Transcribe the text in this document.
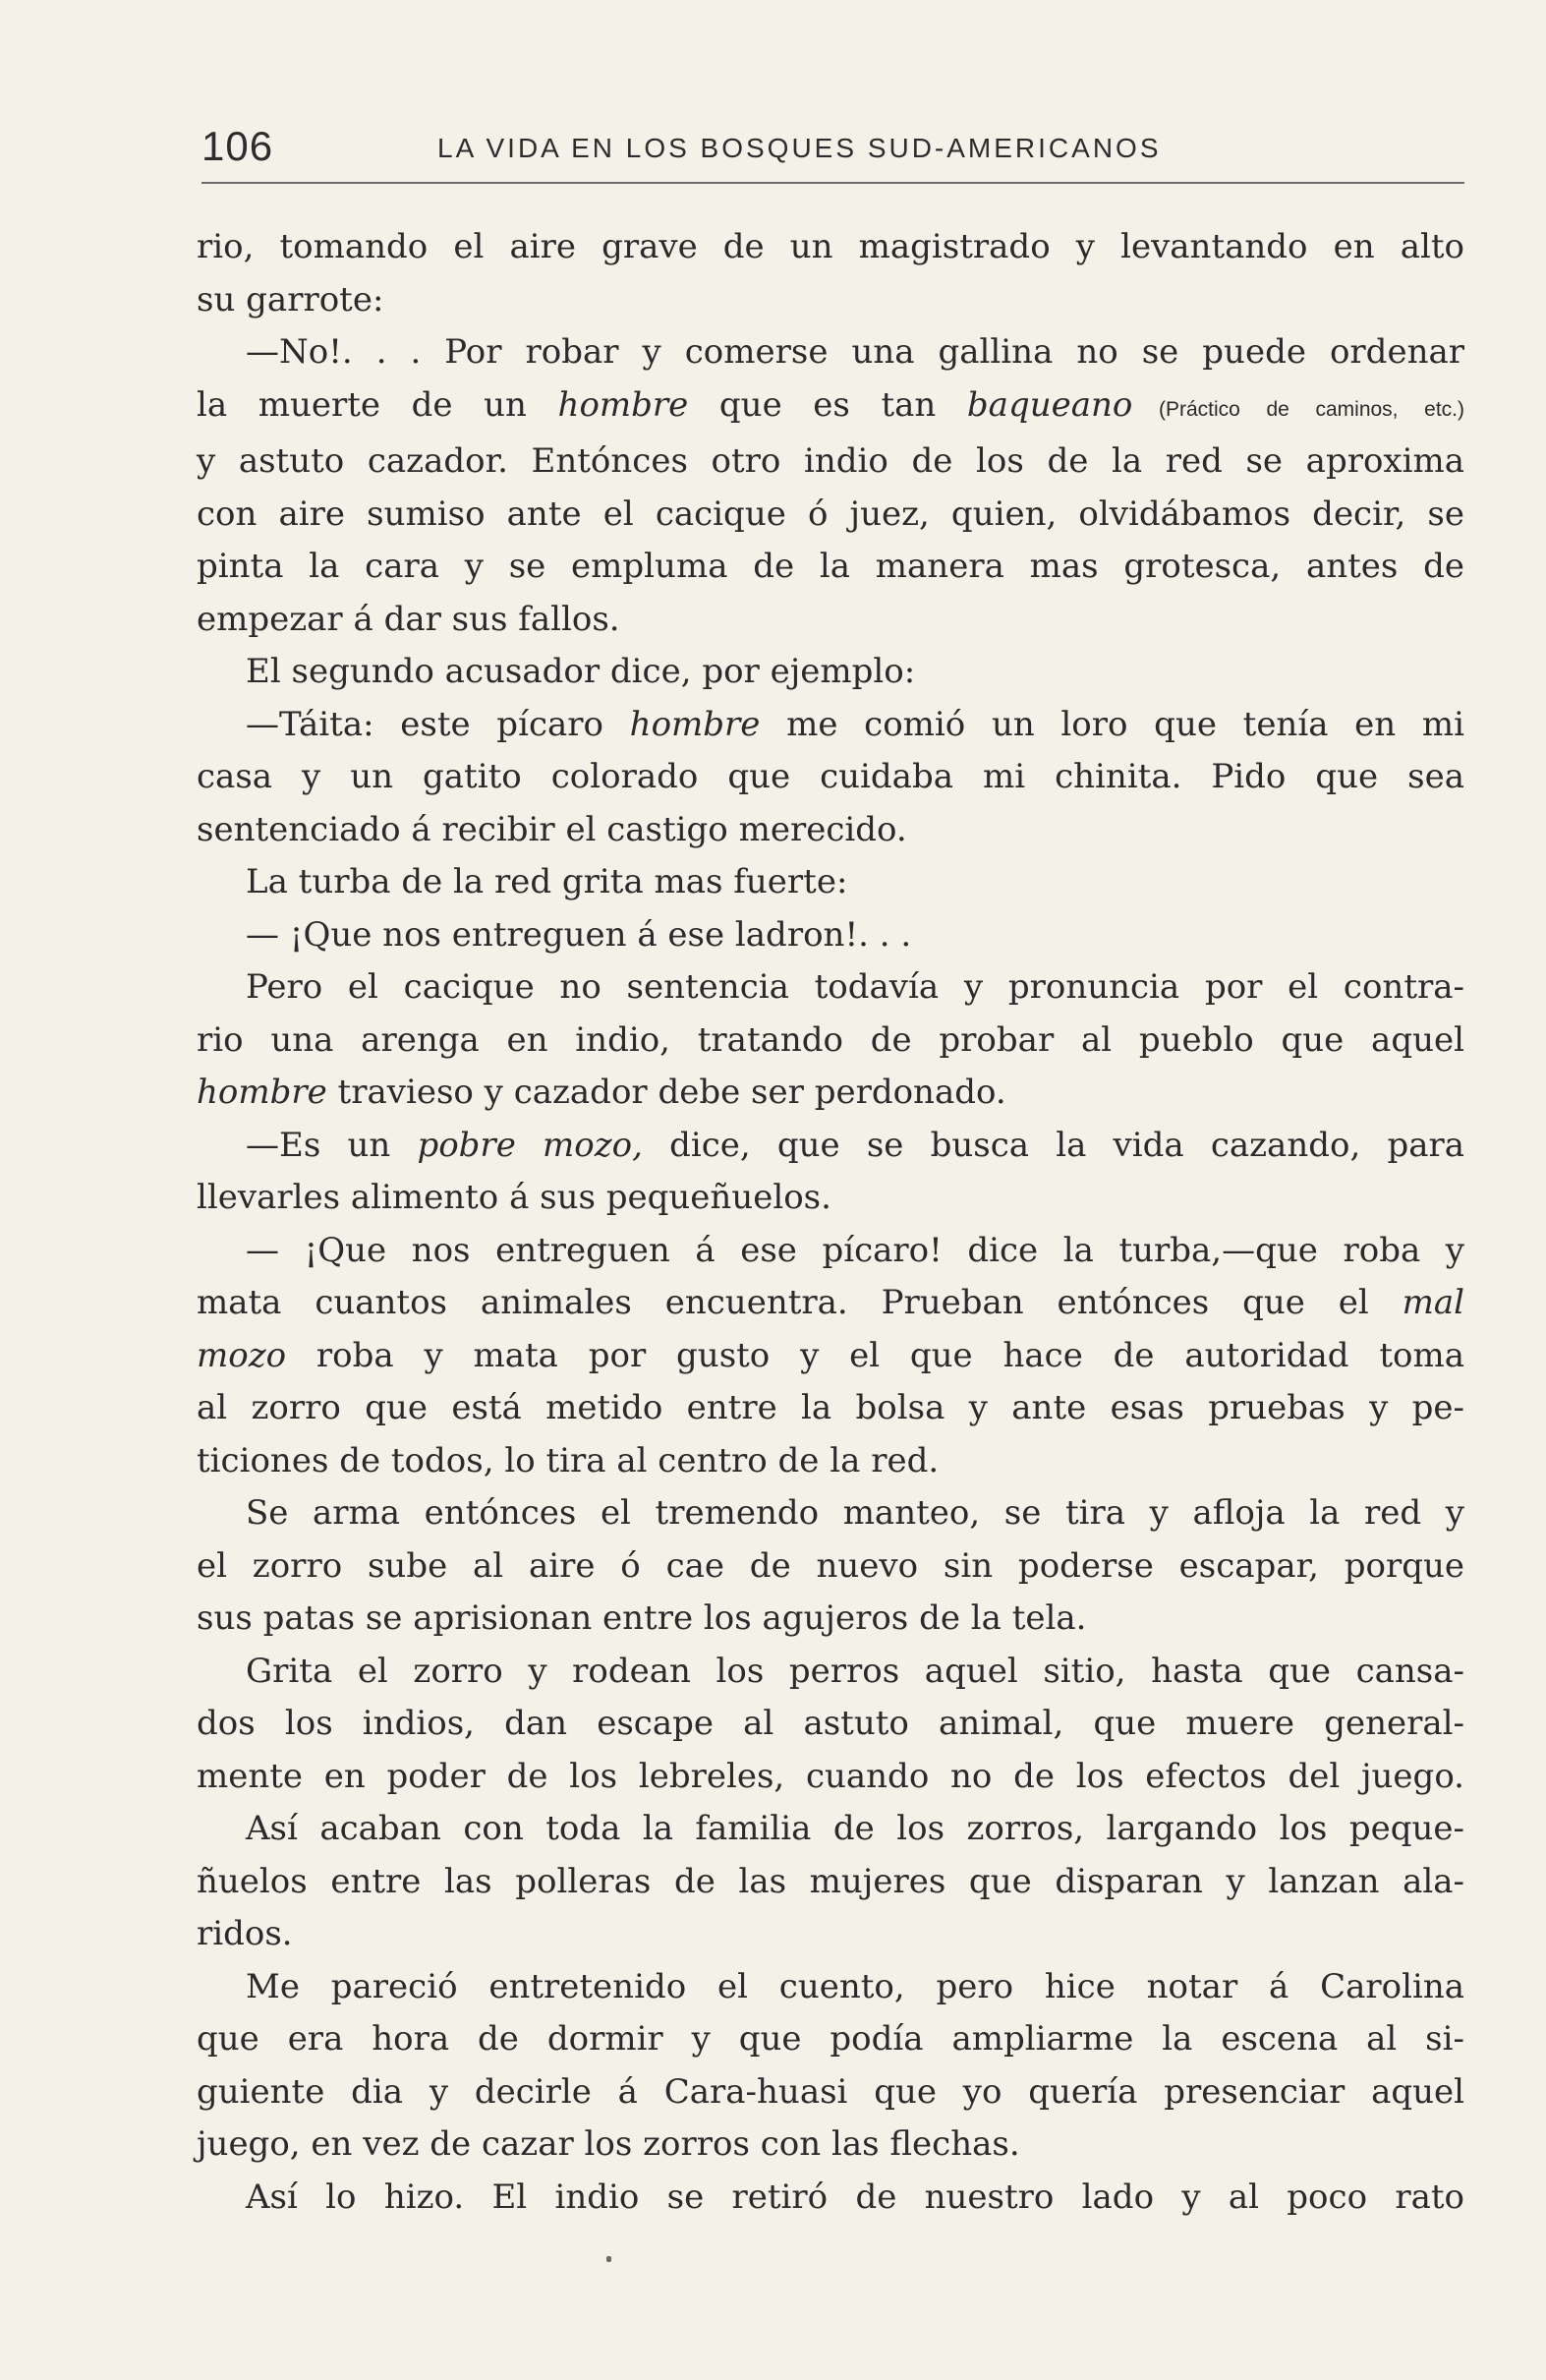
106	LA VIDA EN LOS BOSQUES SUD-AMERICANOS
rio, tomando el aire grave de un magistrado y levantando en alto
su garrote:
—No!. . . Por robar y comerse una gallina no se puede ordenar
la muerte de un hombre que es tan baqueano (Práctico de caminos, etc.)
y astuto cazador. Entónces otro indio de los de la red se aproxima
con aire sumiso ante el cacique ó juez, quien, olvidábamos decir, se
pinta la cara y se empluma de la manera mas grotesca, antes de
empezar á dar sus fallos.
El segundo acusador dice, por ejemplo:
—Táita: este pícaro hombre me comió un loro que tenía en mi
casa y un gatito colorado que cuidaba mi chinita. Pido que sea
sentenciado á recibir el castigo merecido.
La turba de la red grita mas fuerte:
— ¡Que nos entreguen á ese ladron!. . .
Pero el cacique no sentencia todavía y pronuncia por el contra-
rio una arenga en indio, tratando de probar al pueblo que aquel
hombre travieso y cazador debe ser perdonado.
—Es un pobre mozo, dice, que se busca la vida cazando, para
llevarles alimento á sus pequeñuelos.
— ¡Que nos entreguen á ese pícaro! dice la turba,—que roba y
mata cuantos animales encuentra. Prueban entónces que el mal
mozo roba y mata por gusto y el que hace de autoridad toma
al zorro que está metido entre la bolsa y ante esas pruebas y pe-
ticiones de todos, lo tira al centro de la red.
Se arma entónces el tremendo manteo, se tira y afloja la red y
el zorro sube al aire ó cae de nuevo sin poderse escapar, porque
sus patas se aprisionan entre los agujeros de la tela.
Grita el zorro y rodean los perros aquel sitio, hasta que cansa-
dos los indios, dan escape al astuto animal, que muere general-
mente en poder de los lebreles, cuando no de los efectos del juego.
Así acaban con toda la familia de los zorros, largando los peque-
ñuelos entre las polleras de las mujeres que disparan y lanzan ala-
ridos.
Me pareció entretenido el cuento, pero hice notar á Carolina
que era hora de dormir y que podía ampliarme la escena al si-
guiente dia y decirle á Cara-huasi que yo quería presenciar aquel
juego, en vez de cazar los zorros con las flechas.
Así lo hizo. El indio se retiró de nuestro lado y al poco rato
